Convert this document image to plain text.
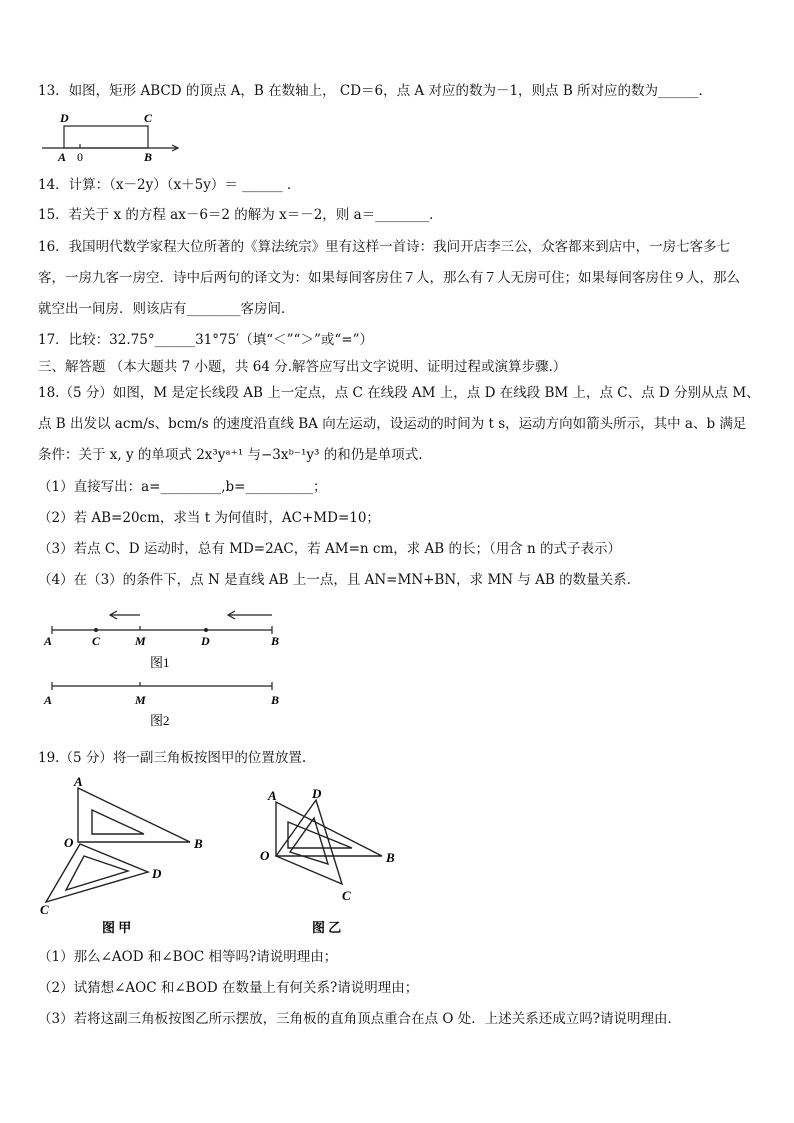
13．如图，矩形 ABCD 的顶点 A，B 在数轴上， CD＝6，点 A 对应的数为－1，则点 B 所对应的数为______．
D	C
A 0	B
14．计算：（x－2y）（x＋5y）＝ ______ ．
15．若关于 x 的方程 ax－6＝2 的解为 x＝－2，则 a＝________．
16．我国明代数学家程大位所著的《算法统宗》里有这样一首诗：我问开店李三公，众客都来到店中，一房七客多七
客，一房九客一房空．诗中后两句的译文为：如果每间客房住７人，那么有７人无房可住；如果每间客房住９人，那么
就空出一间房．则该店有________客房间．
17．比较：32.75°______31°75′（填“＜”“＞”或“=”）
三、解答题 （本大题共 7 小题，共 64 分.解答应写出文字说明、证明过程或演算步骤.）
18.（5 分）如图，M 是定长线段 AB 上一定点，点 C 在线段 AM 上，点 D 在线段 BM 上，点 C、点 D 分别从点 M、
点 B 出发以 acm/s、bcm/s 的速度沿直线 BA 向左运动，设运动的时间为 t s，运动方向如箭头所示，其中 a、b 满足
条件：关于 x, y 的单项式 2x³yᵃ⁺¹ 与−3xᵇ⁻¹y³ 的和仍是单项式.
（1）直接写出：a=_________,b=__________；
（2）若 AB=20cm，求当 t 为何值时，AC+MD=10；
（3）若点 C、D 运动时，总有 MD=2AC，若 AM=n cm，求 AB 的长；（用含 n 的式子表示）
（4）在（3）的条件下，点 N 是直线 AB 上一点，且 AN=MN+BN，求 MN 与 AB 的数量关系.
A	C	M	D	B
图1
A	M	B
图2
19.（5 分）将一副三角板按图甲的位置放置.
A
O	B
D
C
图 甲
A	D
O	B
C
图 乙
（1）那么∠AOD 和∠BOC 相等吗?请说明理由；
（2）试猜想∠AOC 和∠BOD 在数量上有何关系?请说明理由；
（3）若将这副三角板按图乙所示摆放，三角板的直角顶点重合在点 O 处．上述关系还成立吗?请说明理由．
